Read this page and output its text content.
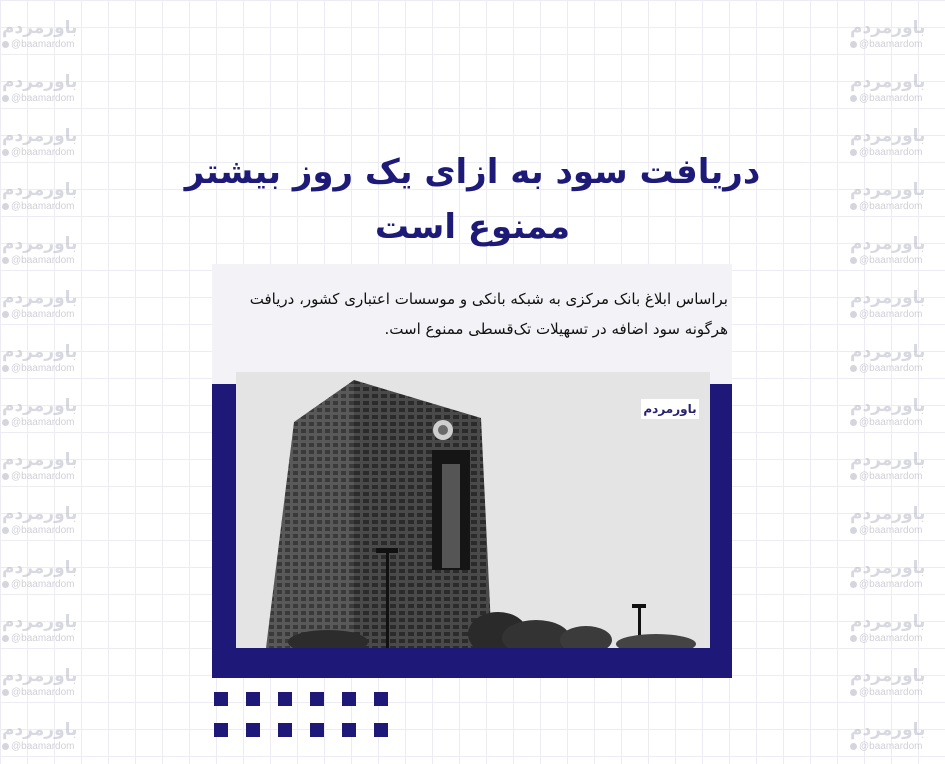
باورمردم
@baamardom
باورمردم
@baamardom
باورمردم
@baamardom
باورمردم
@baamardom
باورمردم
@baamardom
باورمردم
@baamardom
باورمردم
@baamardom
باورمردم
@baamardom
باورمردم
@baamardom
باورمردم
@baamardom
باورمردم
@baamardom
باورمردم
@baamardom
باورمردم
@baamardom
باورمردم
@baamardom
باورمردم
@baamardom
باورمردم
@baamardom
باورمردم
@baamardom
باورمردم
@baamardom
باورمردم
@baamardom
باورمردم
@baamardom
باورمردم
@baamardom
باورمردم
@baamardom
باورمردم
@baamardom
باورمردم
@baamardom
باورمردم
@baamardom
باورمردم
@baamardom
باورمردم
@baamardom
باورمردم
@baamardom
دریافت سود به ازای یک روز بیشتر
ممنوع است
براساس ابلاغ بانک مرکزی به شبکه بانکی و موسسات اعتباری کشور، دریافت هرگونه سود اضافه در تسهیلات تک‌قسطی ممنوع است.
باورمردم
